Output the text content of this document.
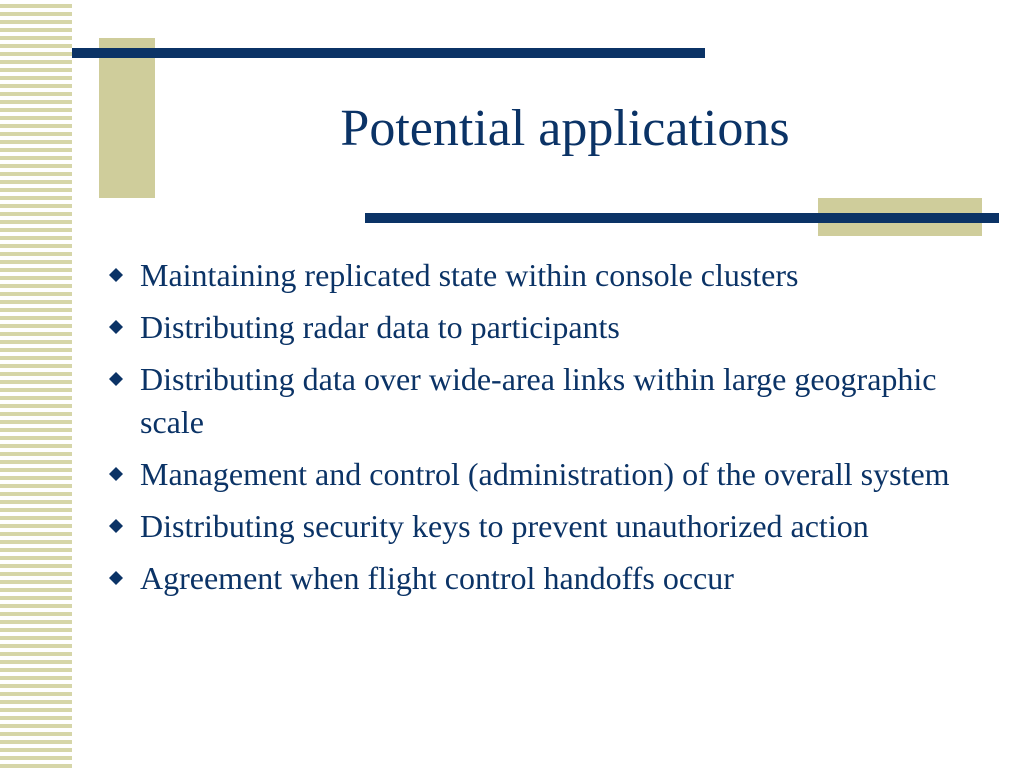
Potential applications
Maintaining replicated state within console clusters
Distributing radar data to participants
Distributing data over wide-area links within large geographic scale
Management and control (administration) of the overall system
Distributing security keys to prevent unauthorized action
Agreement when flight control handoffs occur
